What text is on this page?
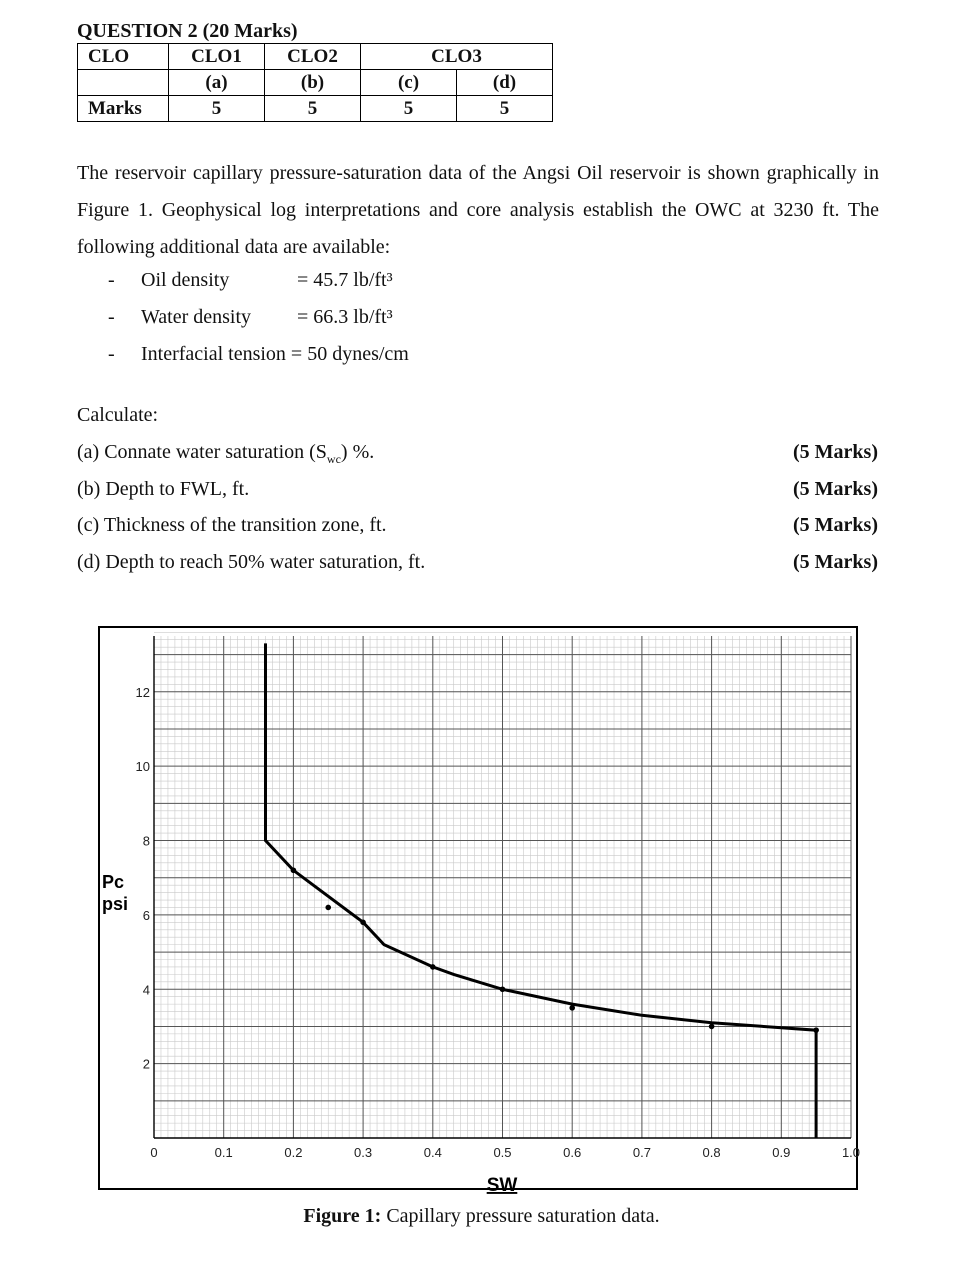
QUESTION 2 (20 Marks)
CLO	CLO1	CLO2	CLO3	
	(a)	(b)	(c)	(d)
Marks	5	5	5	5
The reservoir capillary pressure-saturation data of the Angsi Oil reservoir is shown graphically in Figure 1. Geophysical log interpretations and core analysis establish the OWC at 3230 ft. The following additional data are available:
- Oil density	= 45.7 lb/ft³
- Water density = 66.3 lb/ft³
- Interfacial tension = 50 dynes/cm
Calculate:
(a) Connate water saturation $(S_{wc})$ %.	(5 Marks)
(b) Depth to FWL, ft.	(5 Marks)
(c) Thickness of the transition zone, ft.	(5 Marks)
(d) Depth to reach 50% water saturation, ft.	(5 Marks)
0	0.1	0.2	0.3	0.4	0.5	0.6	0.7	0.8	0.9	1.0
2
4
6
8
10
12
Pc
psi
SW
Figure 1: Capillary pressure saturation data.
